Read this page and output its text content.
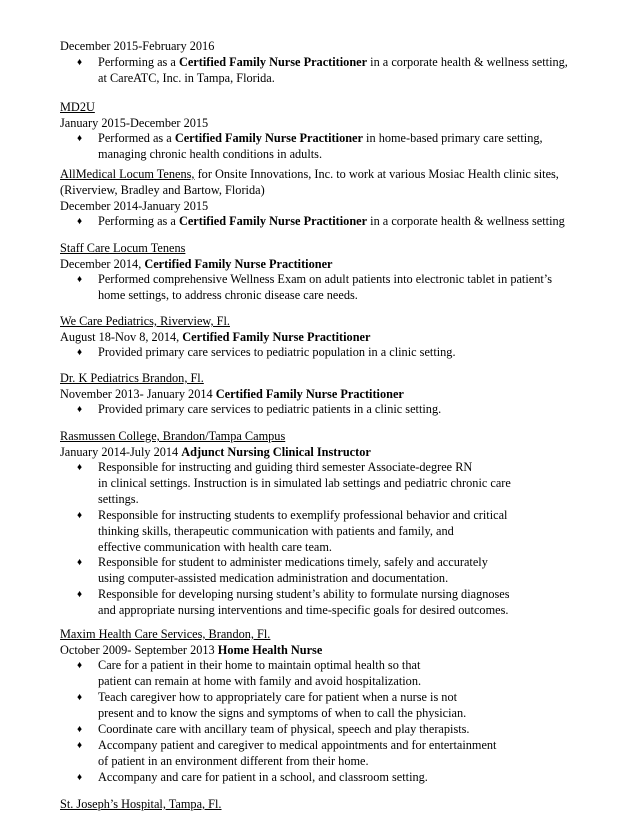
December 2015-February 2016
♦ Performing as a Certified Family Nurse Practitioner in a corporate health & wellness setting,
at CareATC, Inc. in Tampa, Florida.
MD2U
January 2015-December 2015
♦ Performed as a Certified Family Nurse Practitioner in home-based primary care setting,
managing chronic health conditions in adults.
AllMedical Locum Tenens, for Onsite Innovations, Inc. to work at various Mosiac Health clinic sites,
(Riverview, Bradley and Bartow, Florida)
December 2014-January 2015
♦ Performing as a Certified Family Nurse Practitioner in a corporate health & wellness setting
Staff Care Locum Tenens
December 2014, Certified Family Nurse Practitioner
♦ Performed comprehensive Wellness Exam on adult patients into electronic tablet in patient’s
home settings, to address chronic disease care needs.
We Care Pediatrics, Riverview, Fl.
August 18-Nov 8, 2014, Certified Family Nurse Practitioner
♦ Provided primary care services to pediatric population in a clinic setting.
Dr. K Pediatrics Brandon, Fl.
November 2013- January 2014 Certified Family Nurse Practitioner
♦ Provided primary care services to pediatric patients in a clinic setting.
Rasmussen College, Brandon/Tampa Campus
January 2014-July 2014 Adjunct Nursing Clinical Instructor
♦ Responsible for instructing and guiding third semester Associate-degree RN
in clinical settings. Instruction is in simulated lab settings and pediatric chronic care
settings.
♦ Responsible for instructing students to exemplify professional behavior and critical
thinking skills, therapeutic communication with patients and family, and
effective communication with health care team.
♦ Responsible for student to administer medications timely, safely and accurately
using computer-assisted medication administration and documentation.
♦ Responsible for developing nursing student’s ability to formulate nursing diagnoses
and appropriate nursing interventions and time-specific goals for desired outcomes.
Maxim Health Care Services, Brandon, Fl.
October 2009- September 2013 Home Health Nurse
♦ Care for a patient in their home to maintain optimal health so that
patient can remain at home with family and avoid hospitalization.
♦ Teach caregiver how to appropriately care for patient when a nurse is not
present and to know the signs and symptoms of when to call the physician.
♦ Coordinate care with ancillary team of physical, speech and play therapists.
♦ Accompany patient and caregiver to medical appointments and for entertainment
of patient in an environment different from their home.
♦ Accompany and care for patient in a school, and classroom setting.
St. Joseph’s Hospital, Tampa, Fl.
